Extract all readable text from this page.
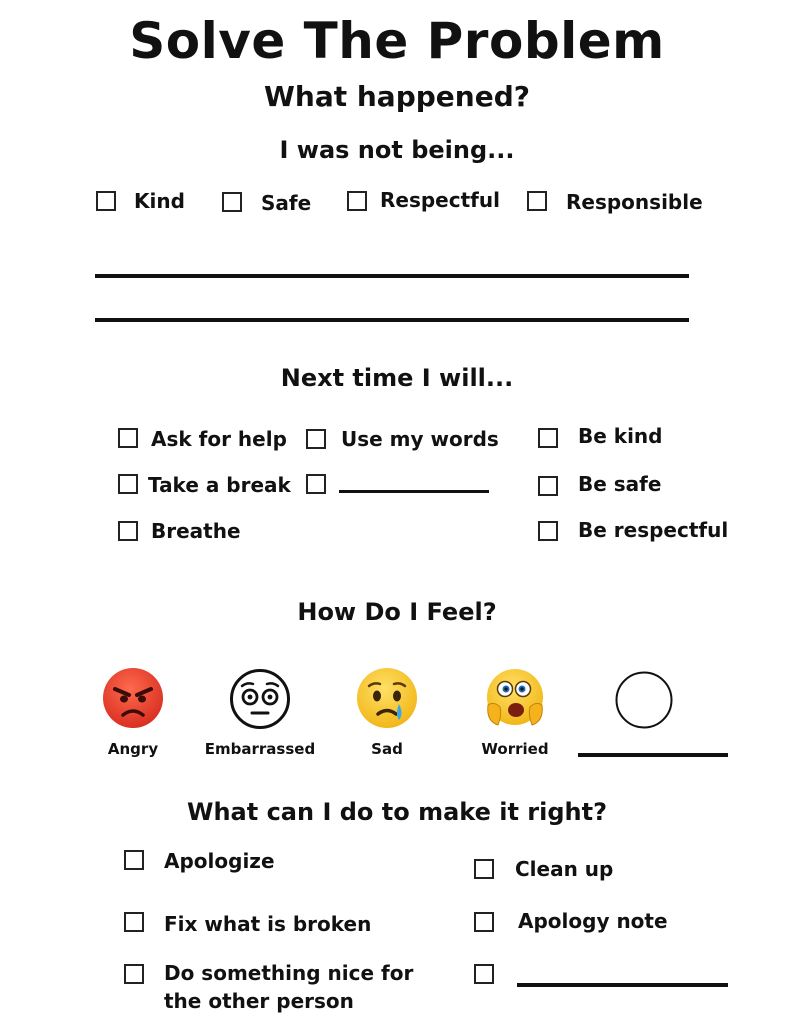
Solve The Problem
What happened?
I was not being...
Kind	Safe	Respectful	Responsible
Next time I will...
Ask for help	Use my words	Be kind
Take a break	Be safe
Breathe	Be respectful
How Do I Feel?
Angry	Embarrassed	Sad	Worried
What can I do to make it right?
Apologize	Clean up
Fix what is broken	Apology note
Do something nice for
the other person
